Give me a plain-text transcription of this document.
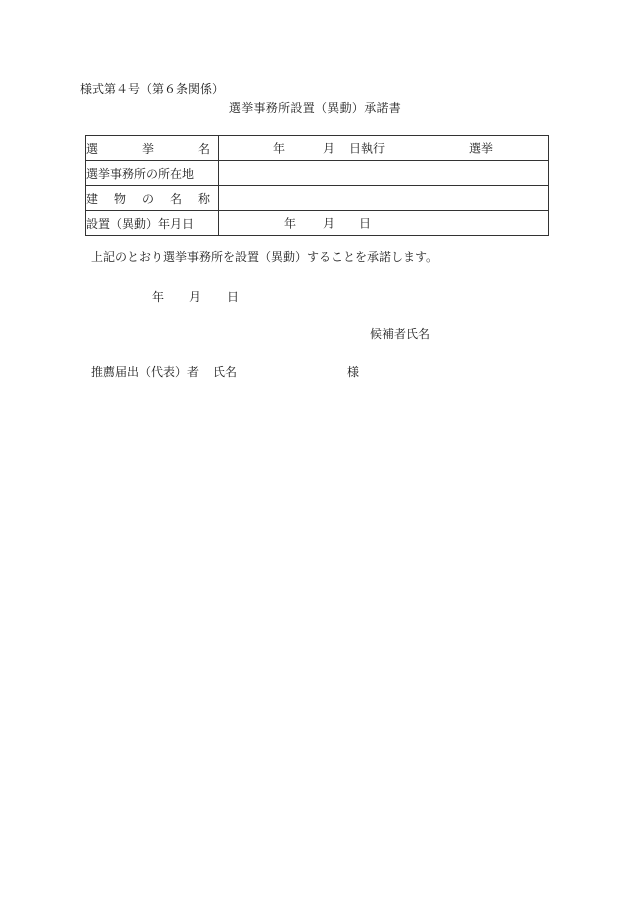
様式第４号（第６条関係）
選挙事務所設置（異動）承諾書
選　挙　名	年 月 日執行 選挙

選挙事務所の所在地	
建　物　の　名　称	
設置（異動）年月日	年 月 日
上記のとおり選挙事務所を設置（異動）することを承諾します。
年 月 日
候補者氏名
推薦届出（代表）者 氏名	様
